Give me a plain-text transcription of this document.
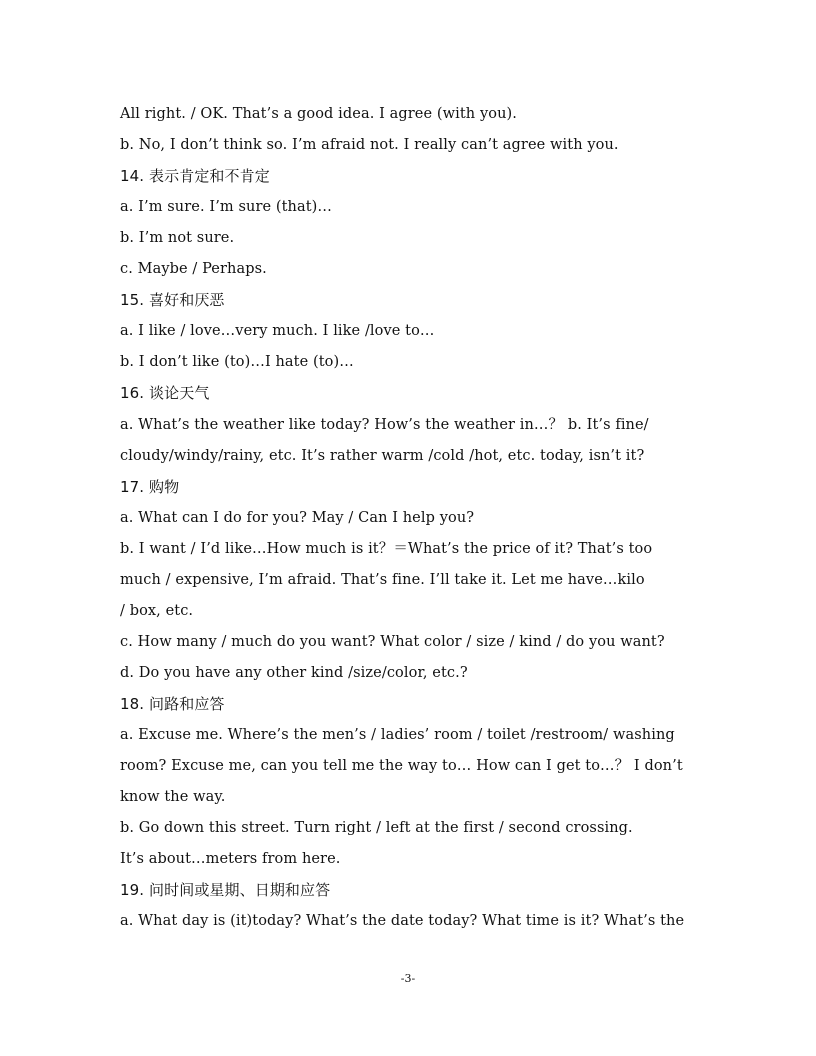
All right. / OK. That’s a good idea. I agree (with you).
b. No, I don’t think so. I’m afraid not. I really can’t agree with you.
14. 表示肯定和不肯定
a. I’m sure. I’m sure (that)…
b. I’m not sure.
c. Maybe / Perhaps.
15. 喜好和厌恶
a. I like / love…very much. I like /love to…
b. I don’t like (to)…I hate (to)…
16. 谈论天气
a. What’s the weather like today? How’s the weather in…？ b. It’s fine/
cloudy/windy/rainy, etc. It’s rather warm /cold /hot, etc. today, isn’t it?
17. 购物
a. What can I do for you? May / Can I help you?
b. I want / I’d like…How much is it？＝What’s the price of it? That’s too
much / expensive, I’m afraid. That’s fine. I’ll take it. Let me have…kilo
/ box, etc.
c. How many / much do you want? What color / size / kind / do you want?
d. Do you have any other kind /size/color, etc.?
18. 问路和应答
a. Excuse me. Where’s the men’s / ladies’ room / toilet /restroom/ washing
room? Excuse me, can you tell me the way to… How can I get to…？ I don’t
know the way.
b. Go down this street. Turn right / left at the first / second crossing.
It’s about…meters from here.
19. 问时间或星期、日期和应答
a. What day is (it)today? What’s the date today? What time is it? What’s the
-3-
